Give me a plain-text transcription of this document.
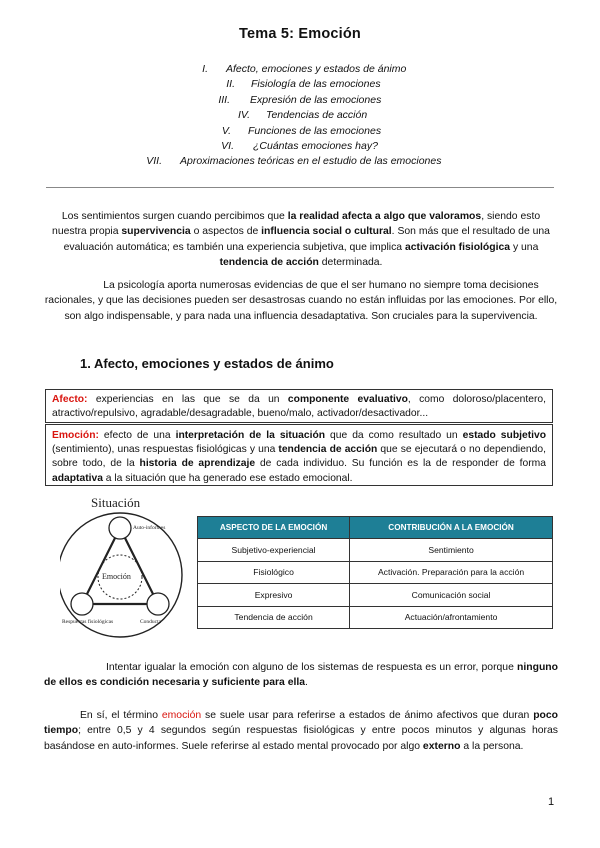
Tema 5: Emoción
I. Afecto, emociones y estados de ánimo
II. Fisiología de las emociones
III. Expresión de las emociones
IV. Tendencias de acción
V. Funciones de las emociones
VI. ¿Cuántas emociones hay?
VII. Aproximaciones teóricas en el estudio de las emociones
Los sentimientos surgen cuando percibimos que la realidad afecta a algo que valoramos, siendo esto nuestra propia supervivencia o aspectos de influencia social o cultural. Son más que el resultado de una evaluación automática; es también una experiencia subjetiva, que implica activación fisiológica y una tendencia de acción determinada.
La psicología aporta numerosas evidencias de que el ser humano no siempre toma decisiones racionales, y que las decisiones pueden ser desastrosas cuando no están influidas por las emociones. Por ello, son algo indispensable, y para nada una influencia desadaptativa. Son cruciales para la supervivencia.
1. Afecto, emociones y estados de ánimo
Afecto: experiencias en las que se da un componente evaluativo, como doloroso/placentero, atractivo/repulsivo, agradable/desagradable, bueno/malo, activador/desactivador...
Emoción: efecto de una interpretación de la situación que da como resultado un estado subjetivo (sentimiento), unas respuestas fisiológicas y una tendencia de acción que se ejecutará o no dependiendo, sobre todo, de la historia de aprendizaje de cada individuo. Su función es la de responder de forma adaptativa a la situación que ha generado ese estado emocional.
Situación
Emoción
Auto-informes
Respuestas fisiológicas	Conducta
ASPECTO DE LA EMOCIÓN	CONTRIBUCIÓN A LA EMOCIÓN
Subjetivo-experiencial	Sentimiento
Fisiológico	Activación. Preparación para la acción
Expresivo	Comunicación social
Tendencia de acción	Actuación/afrontamiento
Intentar igualar la emoción con alguno de los sistemas de respuesta es un error, porque ninguno de ellos es condición necesaria y suficiente para ella.
En sí, el término emoción se suele usar para referirse a estados de ánimo afectivos que duran poco tiempo; entre 0,5 y 4 segundos según respuestas fisiológicas y entre pocos minutos y algunas horas basándose en auto-informes. Suele referirse al estado mental provocado por algo externo a la persona.
1
